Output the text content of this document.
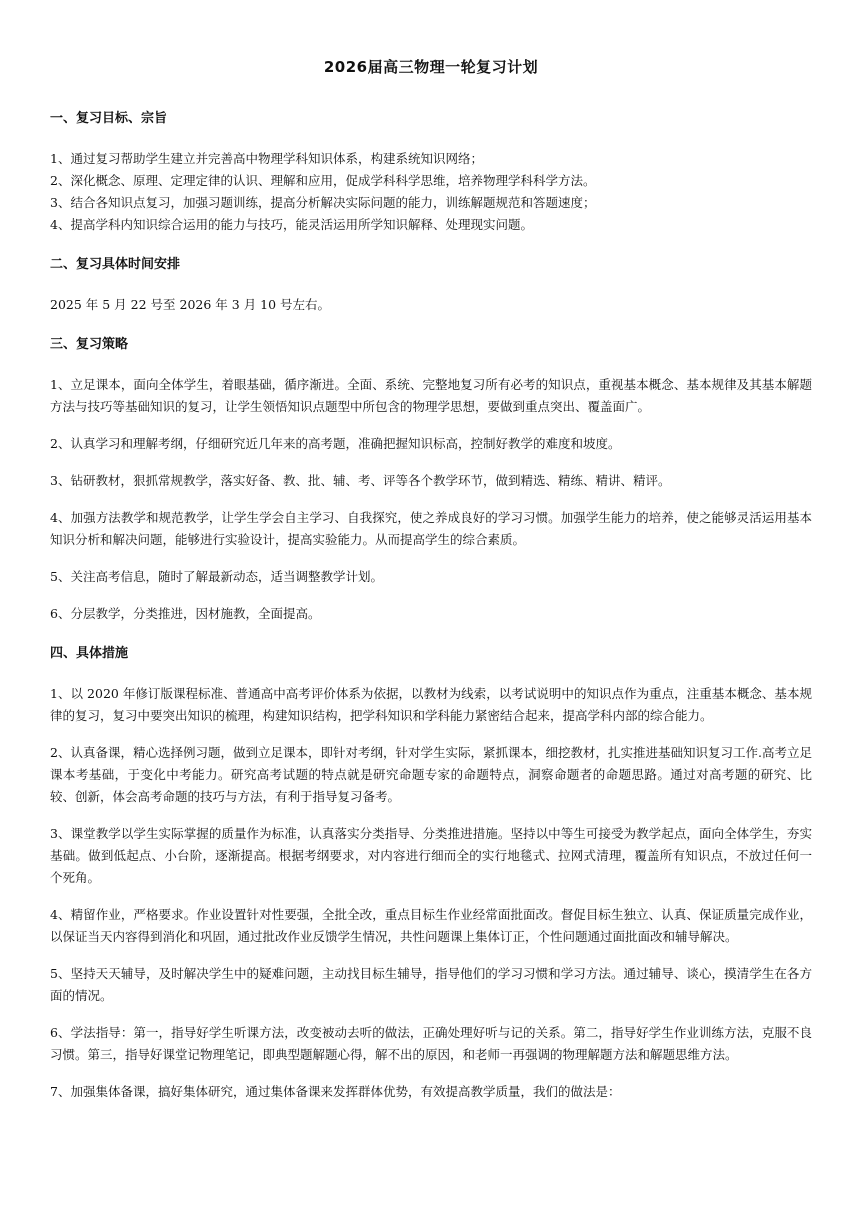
2026届高三物理一轮复习计划
一、复习目标、宗旨
1、通过复习帮助学生建立并完善高中物理学科知识体系，构建系统知识网络；
2、深化概念、原理、定理定律的认识、理解和应用，促成学科科学思维，培养物理学科科学方法。
3、结合各知识点复习，加强习题训练，提高分析解决实际问题的能力，训练解题规范和答题速度；
4、提高学科内知识综合运用的能力与技巧，能灵活运用所学知识解释、处理现实问题。
二、复习具体时间安排

2025 年 5 月 22 号至 2026 年 3 月 10 号左右。

三、复习策略

1、立足课本，面向全体学生，着眼基础，循序渐进。全面、系统、完整地复习所有必考的知识点，重视基本概念、基本规律及其基本解题方法与技巧等基础知识的复习，让学生领悟知识点题型中所包含的物理学思想，要做到重点突出、覆盖面广。

2、认真学习和理解考纲，仔细研究近几年来的高考题，准确把握知识标高，控制好教学的难度和坡度。

3、钻研教材，狠抓常规教学，落实好备、教、批、辅、考、评等各个教学环节，做到精选、精练、精讲、精评。

4、加强方法教学和规范教学，让学生学会自主学习、自我探究，使之养成良好的学习习惯。加强学生能力的培养，使之能够灵活运用基本知识分析和解决问题，能够进行实验设计，提高实验能力。从而提高学生的综合素质。

5、关注高考信息，随时了解最新动态，适当调整教学计划。

6、分层教学，分类推进，因材施教，全面提高。

四、具体措施

1、以 2020 年修订版课程标准、普通高中高考评价体系为依据，以教材为线索，以考试说明中的知识点作为重点，注重基本概念、基本规律的复习，复习中要突出知识的梳理，构建知识结构，把学科知识和学科能力紧密结合起来，提高学科内部的综合能力。

2、认真备课，精心选择例习题，做到立足课本，即针对考纲，针对学生实际，紧抓课本，细挖教材，扎实推进基础知识复习工作.高考立足课本考基础，于变化中考能力。研究高考试题的特点就是研究命题专家的命题特点，洞察命题者的命题思路。通过对高考题的研究、比较、创新，体会高考命题的技巧与方法，有利于指导复习备考。

3、课堂教学以学生实际掌握的质量作为标准，认真落实分类指导、分类推进措施。坚持以中等生可接受为教学起点，面向全体学生，夯实基础。做到低起点、小台阶，逐渐提高。根据考纲要求，对内容进行细而全的实行地毯式、拉网式清理，覆盖所有知识点，不放过任何一个死角。

4、精留作业，严格要求。作业设置针对性要强，全批全改，重点目标生作业经常面批面改。督促目标生独立、认真、保证质量完成作业，以保证当天内容得到消化和巩固，通过批改作业反馈学生情况，共性问题课上集体订正，个性问题通过面批面改和辅导解决。

5、坚持天天辅导，及时解决学生中的疑难问题，主动找目标生辅导，指导他们的学习习惯和学习方法。通过辅导、谈心，摸清学生在各方面的情况。

6、学法指导：第一，指导好学生听课方法，改变被动去听的做法，正确处理好听与记的关系。第二，指导好学生作业训练方法，克服不良习惯。第三，指导好课堂记物理笔记，即典型题解题心得，解不出的原因，和老师一再强调的物理解题方法和解题思维方法。

7、加强集体备课，搞好集体研究，通过集体备课来发挥群体优势，有效提高教学质量，我们的做法是：
